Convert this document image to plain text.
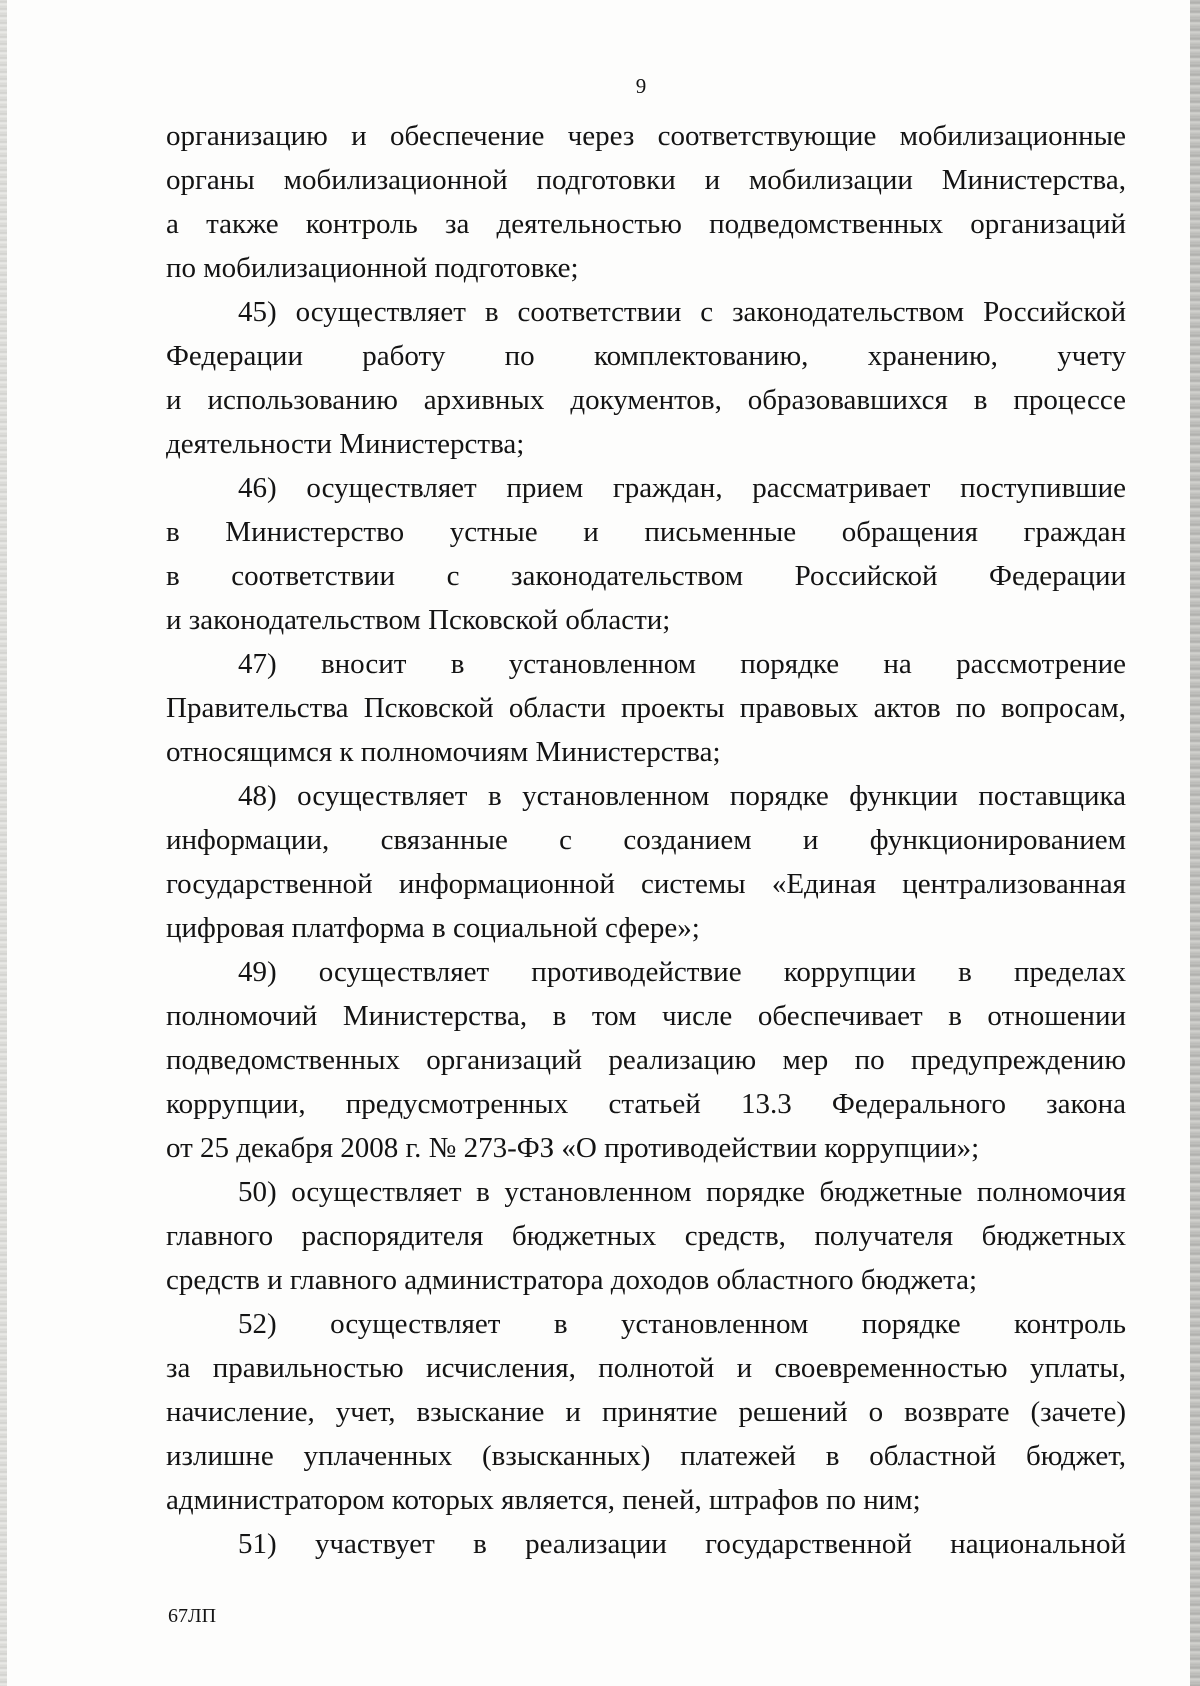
9
организацию и обеспечение через соответствующие мобилизационные
органы мобилизационной подготовки и мобилизации Министерства,
а также контроль за деятельностью подведомственных организаций
по мобилизационной подготовке;
45) осуществляет в соответствии с законодательством Российской
Федерации работу по комплектованию, хранению, учету
и использованию архивных документов, образовавшихся в процессе
деятельности Министерства;
46) осуществляет прием граждан, рассматривает поступившие
в Министерство устные и письменные обращения граждан
в соответствии с законодательством Российской Федерации
и законодательством Псковской области;
47) вносит в установленном порядке на рассмотрение
Правительства Псковской области проекты правовых актов по вопросам,
относящимся к полномочиям Министерства;
48) осуществляет в установленном порядке функции поставщика
информации, связанные с созданием и функционированием
государственной информационной системы «Единая централизованная
цифровая платформа в социальной сфере»;
49) осуществляет противодействие коррупции в пределах
полномочий Министерства, в том числе обеспечивает в отношении
подведомственных организаций реализацию мер по предупреждению
коррупции, предусмотренных статьей 13.3 Федерального закона
от 25 декабря 2008 г. № 273-ФЗ «О противодействии коррупции»;
50) осуществляет в установленном порядке бюджетные полномочия
главного распорядителя бюджетных средств, получателя бюджетных
средств и главного администратора доходов областного бюджета;
52) осуществляет в установленном порядке контроль
за правильностью исчисления, полнотой и своевременностью уплаты,
начисление, учет, взыскание и принятие решений о возврате (зачете)
излишне уплаченных (взысканных) платежей в областной бюджет,
администратором которых является, пеней, штрафов по ним;
51) участвует в реализации государственной национальной
67ЛП
